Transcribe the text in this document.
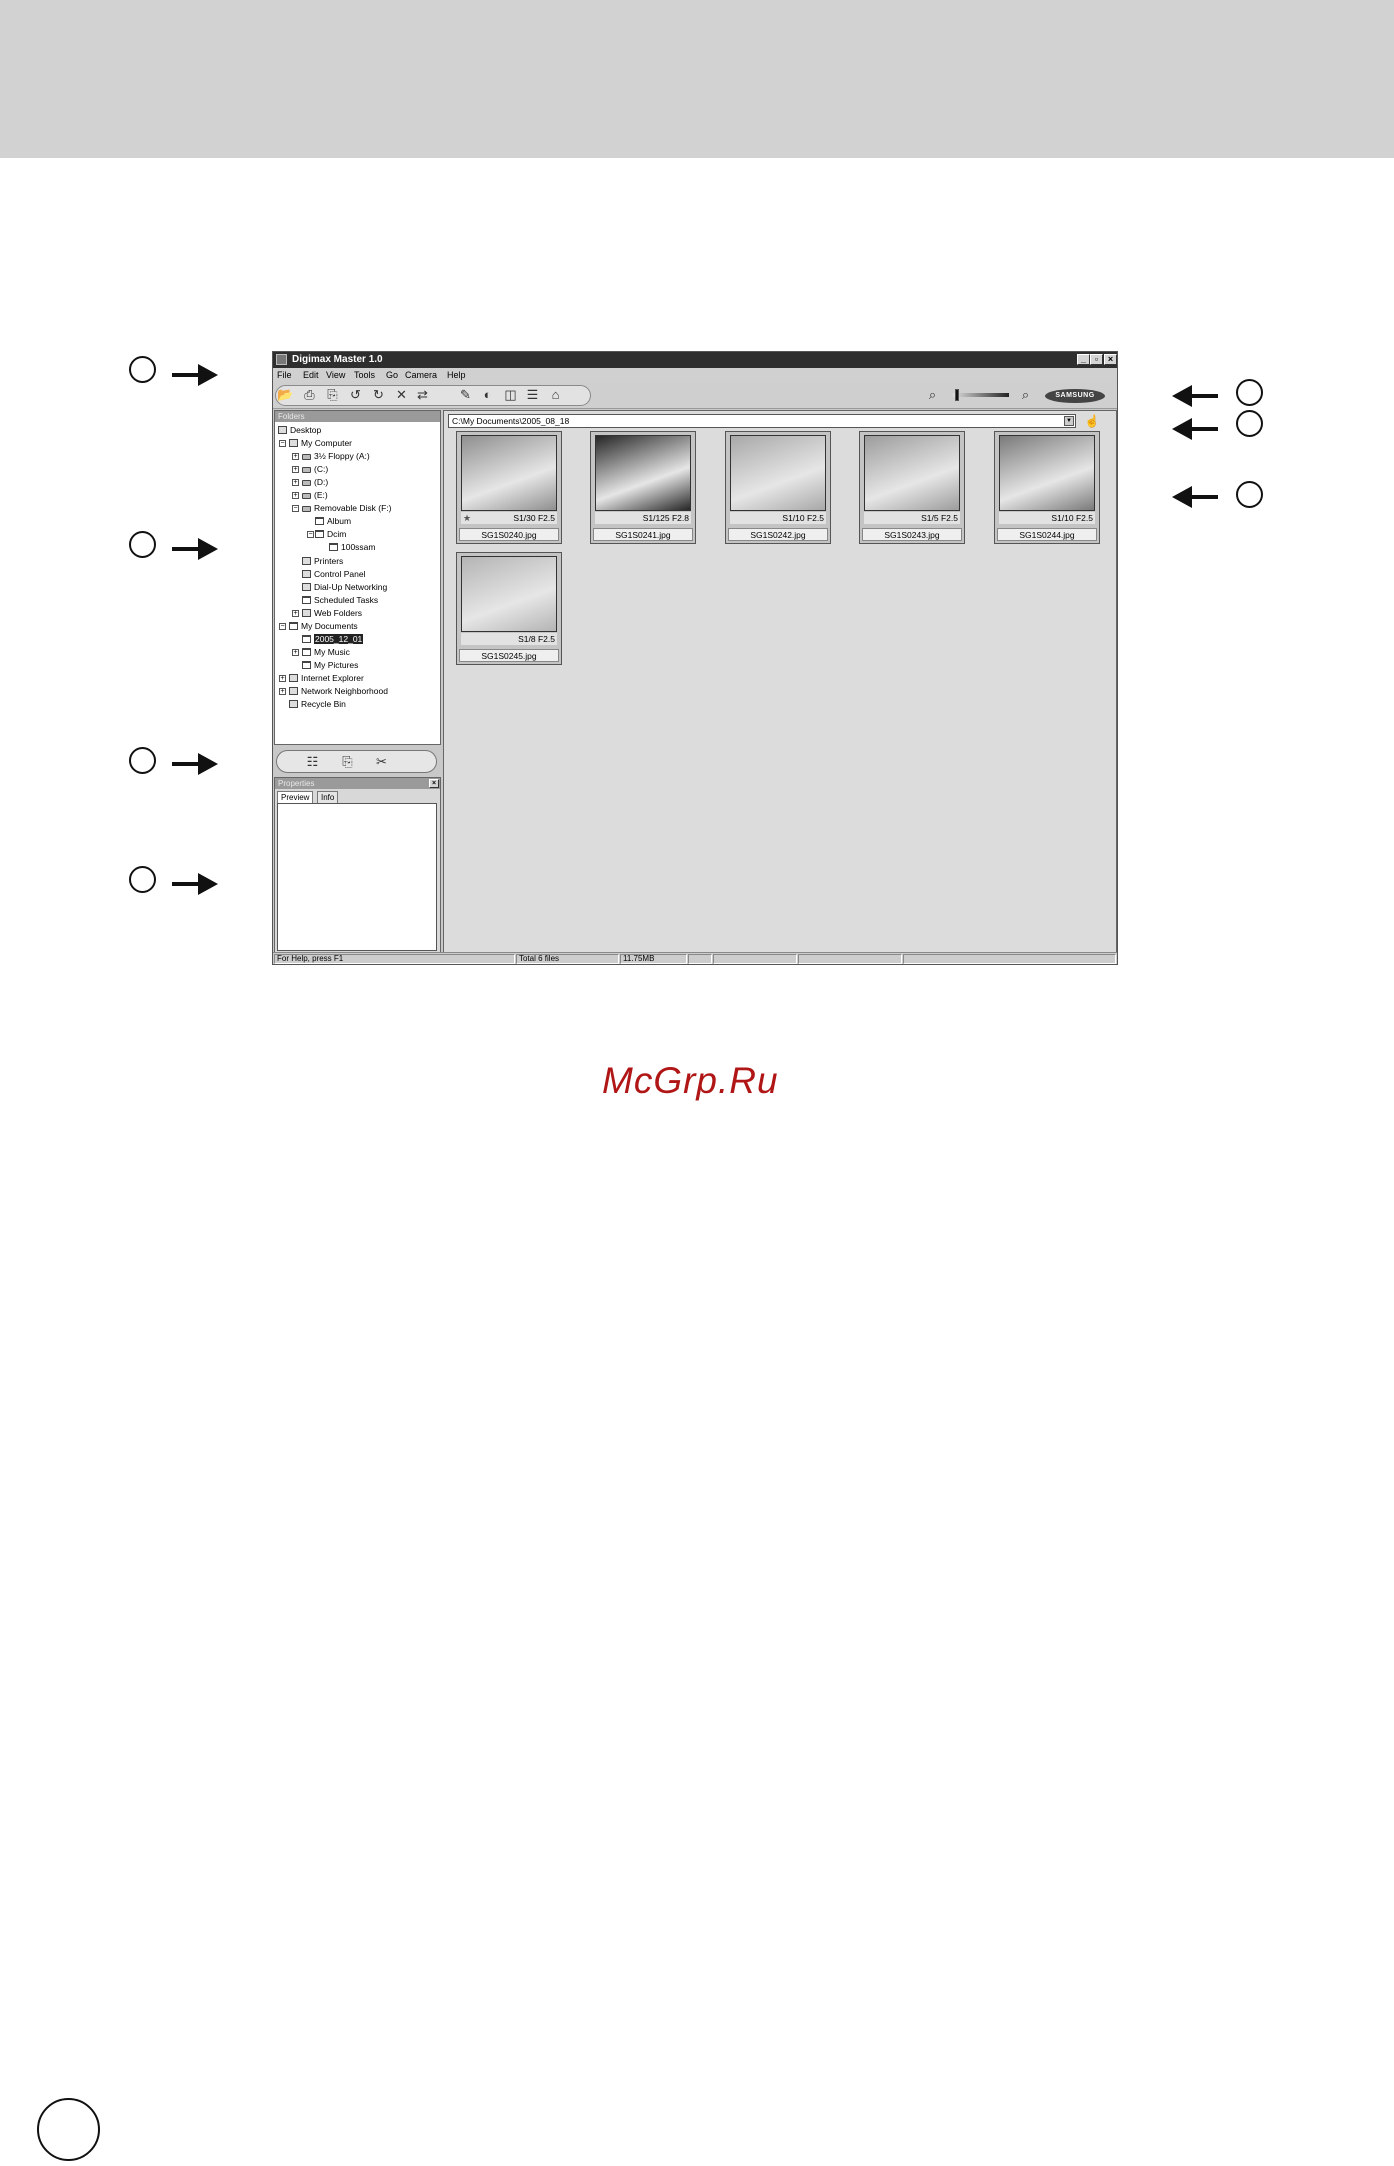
Digimax Master 1.0	_ ▫	×
File Edit View Tools Go Camera Help
📂 ⎙ ⎘ ↺ ↻ ✕ ⇄ ✎ ◐ ◫ ☰	⌂	⌕	⌕	SAMSUNG
Folders
Desktop
−	My Computer
+	3½ Floppy (A:)
+	(C:)
+	(D:)
+	(E:)
−	Removable Disk (F:)
Album
−	Dcim
100ssam
Printers
Control Panel
Dial-Up Networking
Scheduled Tasks
+	Web Folders
−	My Documents
2005_12_01
+	My Music
My Pictures
+	Internet Explorer
+	Network Neighborhood
Recycle Bin
☷ ⎘ ✂
Properties	×
Preview	Info
C:\My Documents\2005_08_18	▼ ☝
S1/30 F2.5
★
SG1S0240.jpg
S1/125 F2.8
SG1S0241.jpg
S1/10 F2.5
SG1S0242.jpg
S1/5 F2.5
SG1S0243.jpg
S1/10 F2.5
SG1S0244.jpg
S1/8 F2.5
SG1S0245.jpg
For Help, press F1	Total 6 files	11.75MB
McGrp.Ru
